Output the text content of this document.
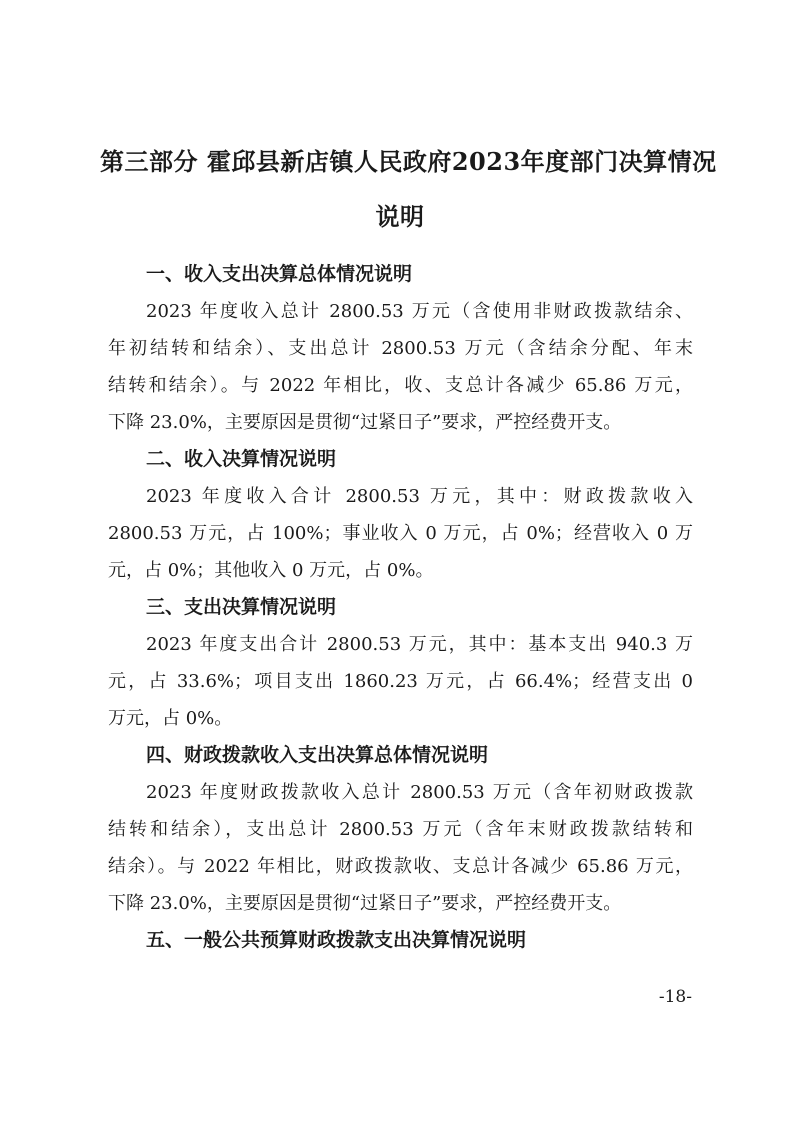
第三部分 霍邱县新店镇人民政府2023年度部门决算情况
说明
一、收入支出决算总体情况说明
2023 年度收入总计 2800.53 万元（含使用非财政拨款结余、
年初结转和结余）、支出总计 2800.53 万元（含结余分配、年末
结转和结余）。与 2022 年相比，收、支总计各减少 65.86 万元，
下降 23.0%，主要原因是贯彻“过紧日子”要求，严控经费开支。
二、收入决算情况说明
2023 年度收入合计 2800.53 万元，其中：财政拨款收入
2800.53 万元，占 100%；事业收入 0 万元，占 0%；经营收入 0 万
元，占 0%；其他收入 0 万元，占 0%。
三、支出决算情况说明
2023 年度支出合计 2800.53 万元，其中：基本支出 940.3 万
元，占 33.6%；项目支出 1860.23 万元，占 66.4%；经营支出 0
万元，占 0%。
四、财政拨款收入支出决算总体情况说明
2023 年度财政拨款收入总计 2800.53 万元（含年初财政拨款
结转和结余），支出总计 2800.53 万元（含年末财政拨款结转和
结余）。与 2022 年相比，财政拨款收、支总计各减少 65.86 万元，
下降 23.0%，主要原因是贯彻“过紧日子”要求，严控经费开支。
五、一般公共预算财政拨款支出决算情况说明
-18-
